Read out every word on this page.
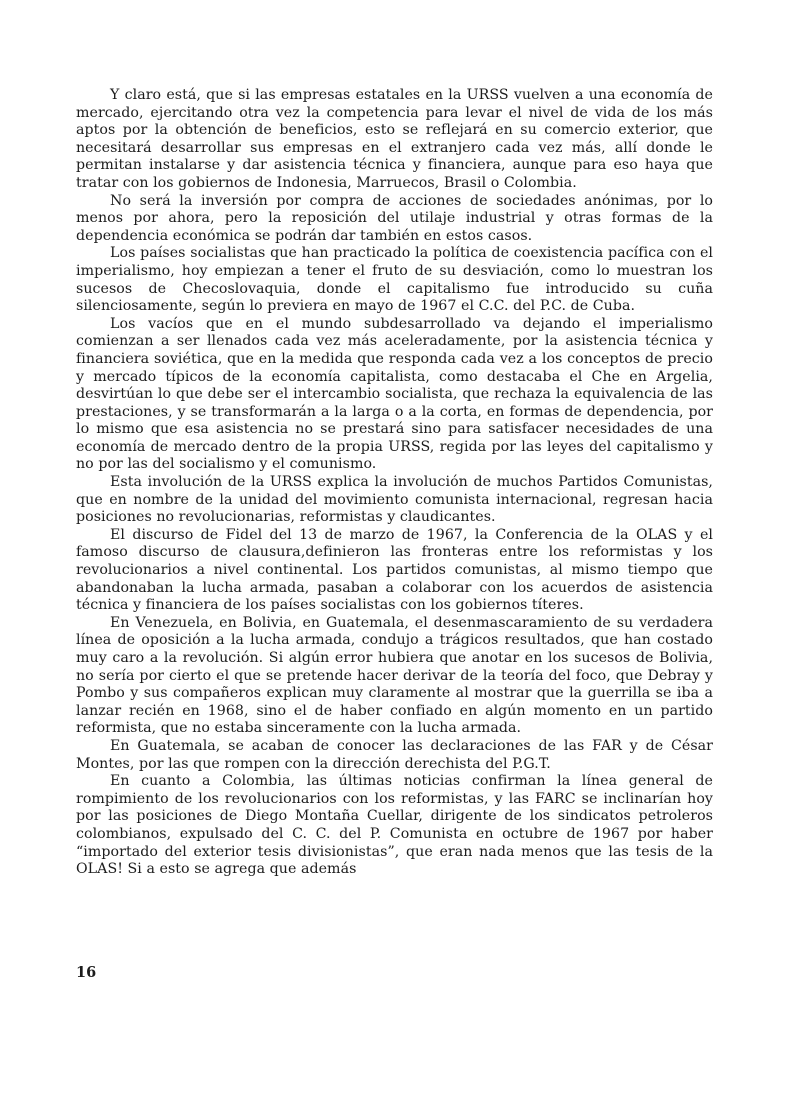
Y claro está, que si las empresas estatales en la URSS vuelven a una economía de mercado, ejercitando otra vez la competencia para levar el nivel de vida de los más aptos por la obtención de beneficios, esto se reflejará en su comercio exterior, que necesitará desarrollar sus empresas en el extranjero cada vez más, allí donde le permitan instalarse y dar asistencia técnica y financiera, aunque para eso haya que tratar con los gobiernos de Indonesia, Marruecos, Brasil o Colombia.

No será la inversión por compra de acciones de sociedades anónimas, por lo menos por ahora, pero la reposición del utilaje industrial y otras formas de la dependencia económica se podrán dar también en estos casos.

Los países socialistas que han practicado la política de coexistencia pacífica con el imperialismo, hoy empiezan a tener el fruto de su desviación, como lo muestran los sucesos de Checoslovaquia, donde el capitalismo fue introducido su cuña silenciosamente, según lo previera en mayo de 1967 el C.C. del P.C. de Cuba.

Los vacíos que en el mundo subdesarrollado va dejando el imperialismo comienzan a ser llenados cada vez más aceleradamente, por la asistencia técnica y financiera soviética, que en la medida que responda cada vez a los conceptos de precio y mercado típicos de la economía capitalista, como destacaba el Che en Argelia, desvirtúan lo que debe ser el intercambio socialista, que rechaza la equivalencia de las prestaciones, y se transformarán a la larga o a la corta, en formas de dependencia, por lo mismo que esa asistencia no se prestará sino para satisfacer necesidades de una economía de mercado dentro de la propia URSS, regida por las leyes del capitalismo y no por las del socialismo y el comunismo.

Esta involución de la URSS explica la involución de muchos Partidos Comunistas, que en nombre de la unidad del movimiento comunista internacional, regresan hacia posiciones no revolucionarias, reformistas y claudicantes.

El discurso de Fidel del 13 de marzo de 1967, la Conferencia de la OLAS y el famoso discurso de clausura,definieron las fronteras entre los reformistas y los revolucionarios a nivel continental. Los partidos comunistas, al mismo tiempo que abandonaban la lucha armada, pasaban a colaborar con los acuerdos de asistencia técnica y financiera de los países socialistas con los gobiernos títeres.

En Venezuela, en Bolivia, en Guatemala, el desenmascaramiento de su verdadera línea de oposición a la lucha armada, condujo a trágicos resultados, que han costado muy caro a la revolución. Si algún error hubiera que anotar en los sucesos de Bolivia, no sería por cierto el que se pretende hacer derivar de la teoría del foco, que Debray y Pombo y sus compañeros explican muy claramente al mostrar que la guerrilla se iba a lanzar recién en 1968, sino el de haber confiado en algún momento en un partido reformista, que no estaba sinceramente con la lucha armada.

En Guatemala, se acaban de conocer las declaraciones de las FAR y de César Montes, por las que rompen con la dirección derechista del P.G.T.

En cuanto a Colombia, las últimas noticias confirman la línea general de rompimiento de los revolucionarios con los reformistas, y las FARC se inclinarían hoy por las posiciones de Diego Montaña Cuellar, dirigente de los sindicatos petroleros colombianos, expulsado del C. C. del P. Comunista en octubre de 1967 por haber “importado del exterior tesis divisionistas”, que eran nada menos que las tesis de la OLAS! Si a esto se agrega que además

16
